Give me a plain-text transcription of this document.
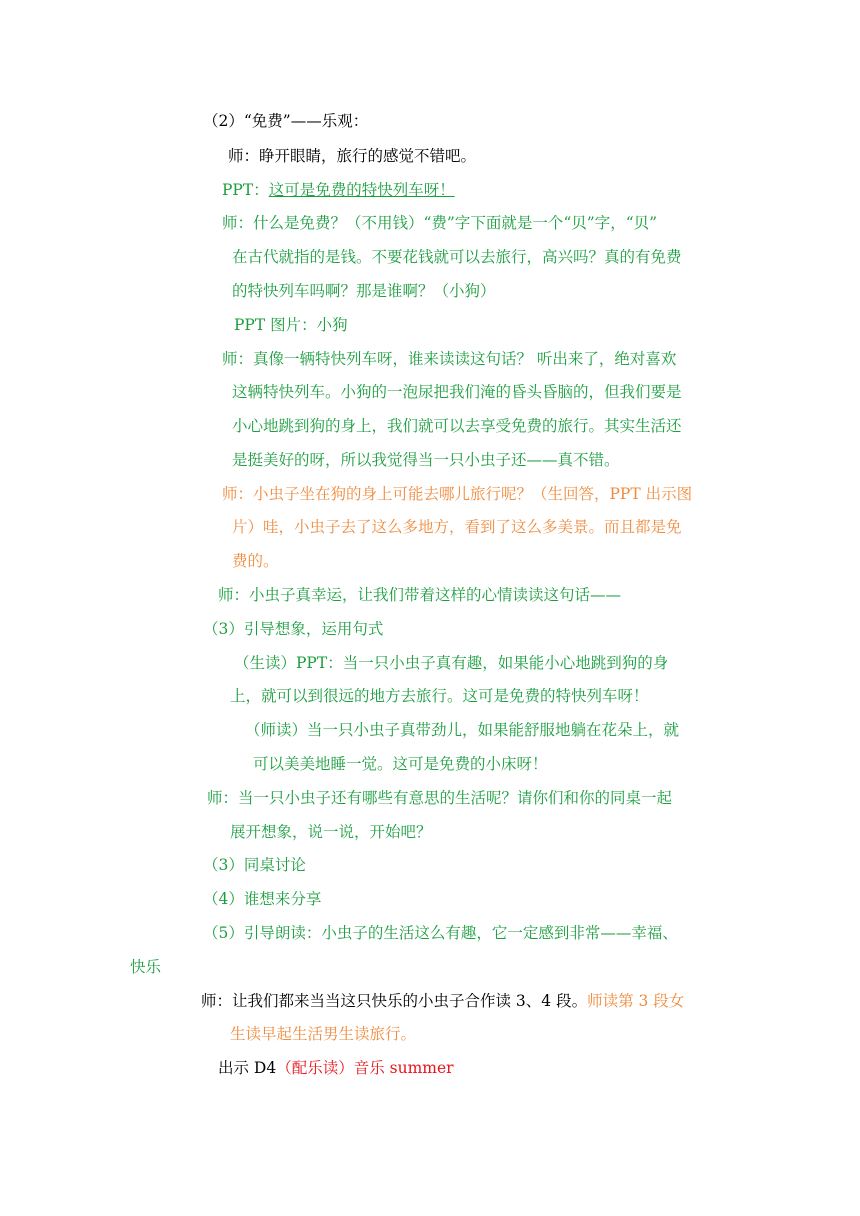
（2）“免费”——乐观：
师：睁开眼睛，旅行的感觉不错吧。
PPT：这可是免费的特快列车呀！
师：什么是免费？（不用钱）“费”字下面就是一个“贝”字，“贝”
在古代就指的是钱。不要花钱就可以去旅行，高兴吗？真的有免费
的特快列车吗啊？那是谁啊？（小狗）
PPT 图片：小狗
师：真像一辆特快列车呀，谁来读读这句话？ 听出来了，绝对喜欢
这辆特快列车。小狗的一泡尿把我们淹的昏头昏脑的，但我们要是
小心地跳到狗的身上，我们就可以去享受免费的旅行。其实生活还
是挺美好的呀，所以我觉得当一只小虫子还——真不错。
师：小虫子坐在狗的身上可能去哪儿旅行呢？（生回答，PPT 出示图
片）哇，小虫子去了这么多地方，看到了这么多美景。而且都是免
费的。
师：小虫子真幸运，让我们带着这样的心情读读这句话——
（3）引导想象，运用句式
（生读）PPT：当一只小虫子真有趣，如果能小心地跳到狗的身
上，就可以到很远的地方去旅行。这可是免费的特快列车呀！
（师读）当一只小虫子真带劲儿，如果能舒服地躺在花朵上，就
可以美美地睡一觉。这可是免费的小床呀！
师：当一只小虫子还有哪些有意思的生活呢？请你们和你的同桌一起
展开想象，说一说，开始吧？
（3）同桌讨论
（4）谁想来分享
（5）引导朗读：小虫子的生活这么有趣，它一定感到非常——幸福、
快乐
师：让我们都来当当这只快乐的小虫子合作读 3、4 段。师读第 3 段女
生读早起生活男生读旅行。
出示 D4（配乐读）音乐 summer
